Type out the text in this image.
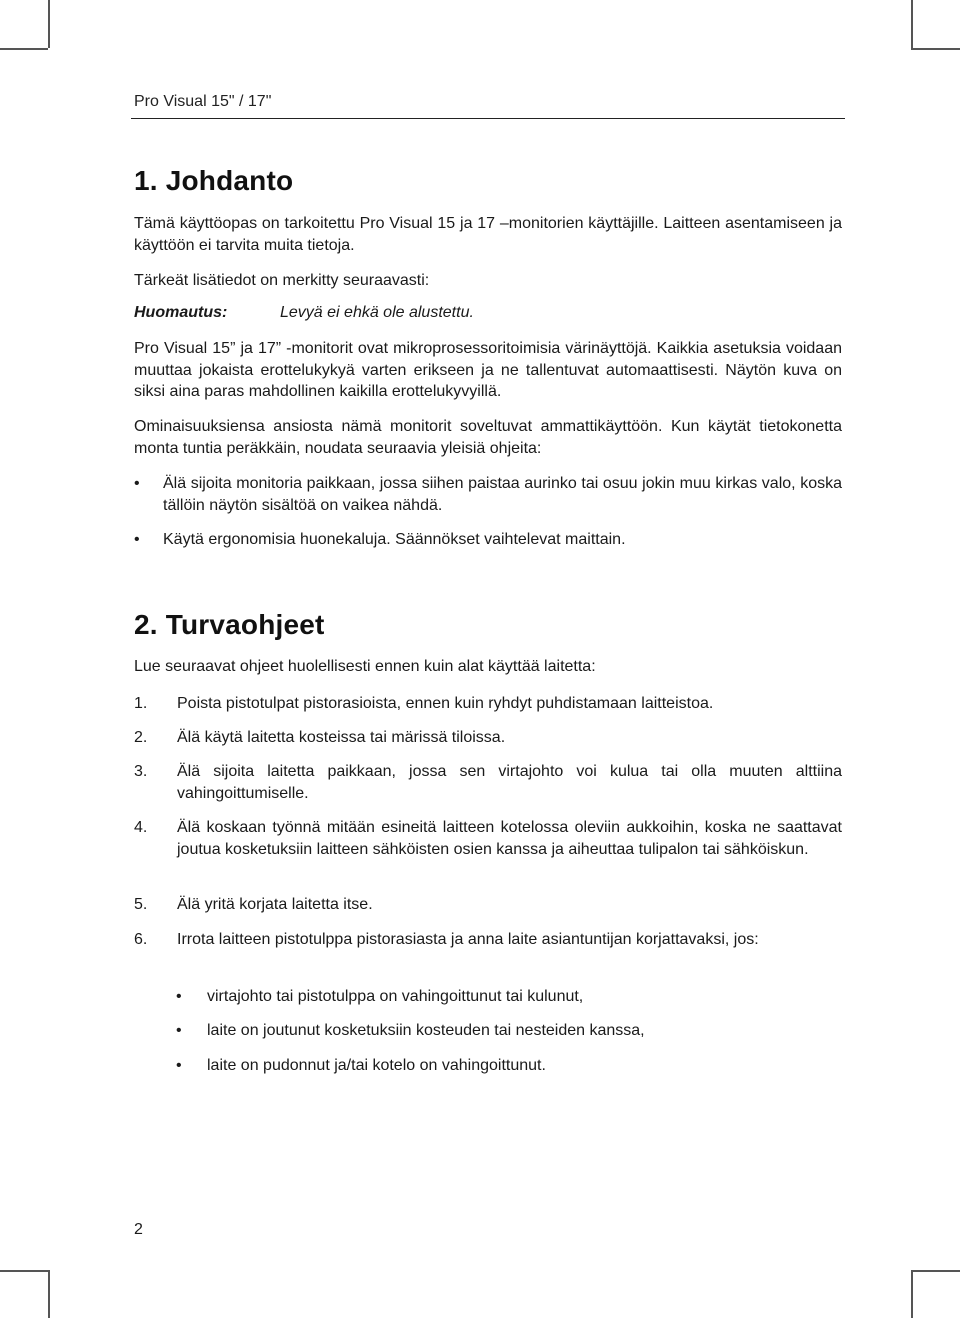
Pro Visual 15" / 17"
1. Johdanto
Tämä käyttöopas on tarkoitettu Pro Visual 15 ja 17 –monitorien käyttäjille. Laitteen asentamiseen ja käyttöön ei tarvita muita tietoja.
Tärkeät lisätiedot on merkitty seuraavasti:
Huomautus:	Levyä ei ehkä ole alustettu.
Pro Visual 15” ja 17” -monitorit ovat mikroprosessoritoimisia värinäyttöjä. Kaikkia asetuksia voidaan muuttaa jokaista erottelukykyä varten erikseen ja ne tallentuvat automaattisesti. Näytön kuva on siksi aina paras mahdollinen kaikilla erottelukyvyillä.
Ominaisuuksiensa ansiosta nämä monitorit soveltuvat ammattikäyttöön. Kun käytät tietokonetta monta tuntia peräkkäin, noudata seuraavia yleisiä ohjeita:
• Älä sijoita monitoria paikkaan, jossa siihen paistaa aurinko tai osuu jokin muu kirkas valo, koska tällöin näytön sisältöä on vaikea nähdä.
• Käytä ergonomisia huonekaluja. Säännökset vaihtelevat maittain.
2. Turvaohjeet
Lue seuraavat ohjeet huolellisesti ennen kuin alat käyttää laitetta:
1. Poista pistotulpat pistorasioista, ennen kuin ryhdyt puhdistamaan laitteistoa.
2. Älä käytä laitetta kosteissa tai märissä tiloissa.
3. Älä sijoita laitetta paikkaan, jossa sen virtajohto voi kulua tai olla muuten alttiina vahingoittumiselle.
4. Älä koskaan työnnä mitään esineitä laitteen kotelossa oleviin aukkoihin, koska ne saattavat joutua kosketuksiin laitteen sähköisten osien kanssa ja aiheuttaa tulipalon tai sähköiskun.
5. Älä yritä korjata laitetta itse.
6. Irrota laitteen pistotulppa pistorasiasta ja anna laite asiantuntijan korjattavaksi, jos:
• virtajohto tai pistotulppa on vahingoittunut tai kulunut,
• laite on joutunut kosketuksiin kosteuden tai nesteiden kanssa,
• laite on pudonnut ja/tai kotelo on vahingoittunut.
2
